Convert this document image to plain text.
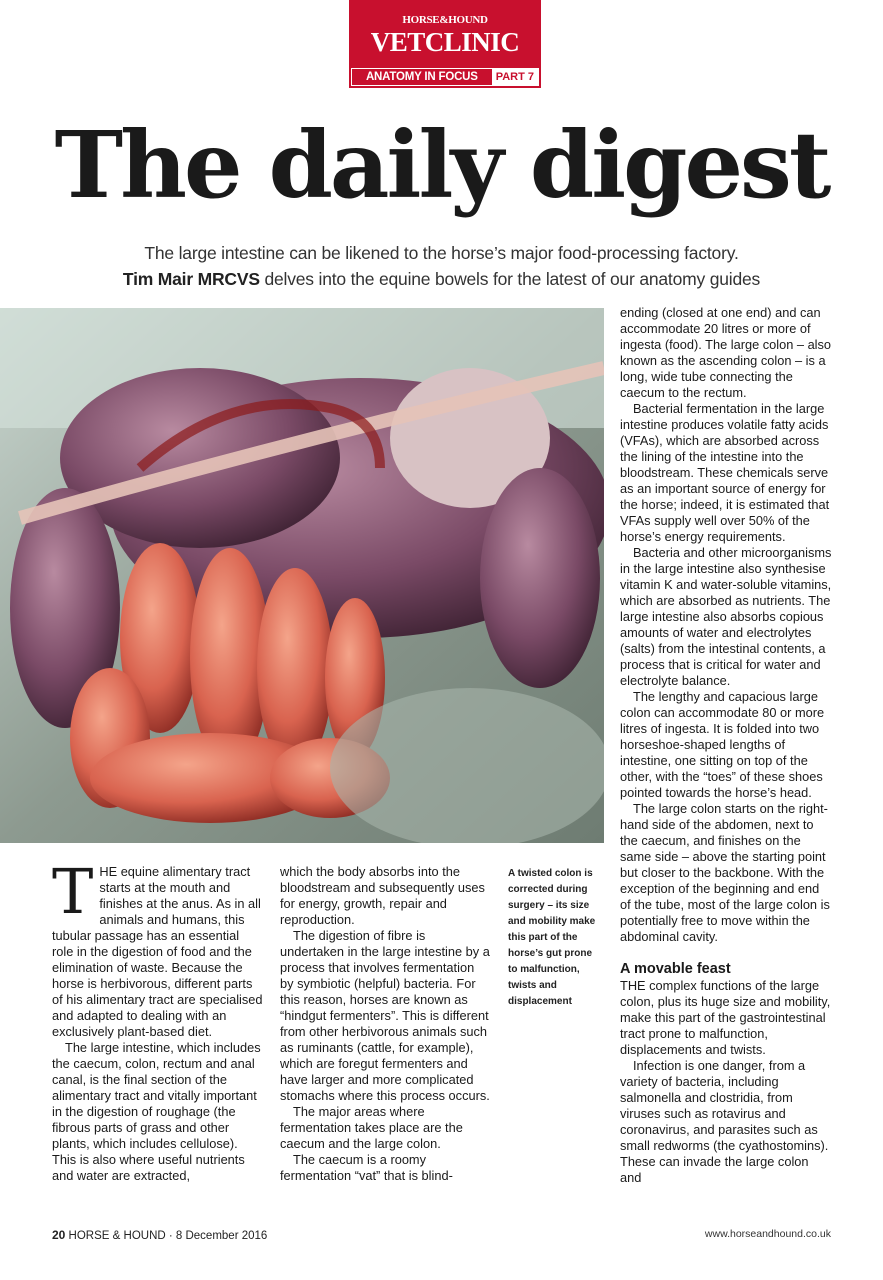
HORSE&HOUND
VETCLINIC
ANATOMY IN FOCUS	PART 7
The daily digest
The large intestine can be likened to the horse’s major food-processing factory.
Tim Mair MRCVS delves into the equine bowels for the latest of our anatomy guides

THE equine alimentary tract starts at the mouth and finishes at the anus. As in all animals and humans, this tubular passage has an essential role in the digestion of food and the elimination of waste. Because the horse is herbivorous, different parts of his alimentary tract are specialised and adapted to dealing with an exclusively plant-based diet.

The large intestine, which includes the caecum, colon, rectum and anal canal, is the final section of the alimentary tract and vitally important in the digestion of roughage (the fibrous parts of grass and other plants, which includes cellulose). This is also where useful nutrients and water are extracted,

which the body absorbs into the bloodstream and subsequently uses for energy, growth, repair and reproduction.

The digestion of fibre is undertaken in the large intestine by a process that involves fermentation by symbiotic (helpful) bacteria. For this reason, horses are known as “hindgut fermenters”. This is different from other herbivorous animals such as ruminants (cattle, for example), which are foregut fermenters and have larger and more complicated stomachs where this process occurs.

The major areas where fermentation takes place are the caecum and the large colon.

The caecum is a roomy fermentation “vat” that is blind-

A twisted colon is corrected during surgery – its size and mobility make this part of the horse’s gut prone to malfunction, twists and displacement

ending (closed at one end) and can accommodate 20 litres or more of ingesta (food). The large colon – also known as the ascending colon – is a long, wide tube connecting the caecum to the rectum.

Bacterial fermentation in the large intestine produces volatile fatty acids (VFAs), which are absorbed across the lining of the intestine into the bloodstream. These chemicals serve as an important source of energy for the horse; indeed, it is estimated that VFAs supply well over 50% of the horse’s energy requirements.

Bacteria and other microorganisms in the large intestine also synthesise vitamin K and water-soluble vitamins, which are absorbed as nutrients. The large intestine also absorbs copious amounts of water and electrolytes (salts) from the intestinal contents, a process that is critical for water and electrolyte balance.

The lengthy and capacious large colon can accommodate 80 or more litres of ingesta. It is folded into two horseshoe-shaped lengths of intestine, one sitting on top of the other, with the “toes” of these shoes pointed towards the horse’s head.

The large colon starts on the right-hand side of the abdomen, next to the caecum, and finishes on the same side – above the starting point but closer to the backbone. With the exception of the beginning and end of the tube, most of the large colon is potentially free to move within the abdominal cavity.

A movable feast

THE complex functions of the large colon, plus its huge size and mobility, make this part of the gastrointestinal tract prone to malfunction, displacements and twists.

Infection is one danger, from a variety of bacteria, including salmonella and clostridia, from viruses such as rotavirus and coronavirus, and parasites such as small redworms (the cyathostomins). These can invade the large colon and

20 HORSE & HOUND · 8 December 2016	www.horseandhound.co.uk
